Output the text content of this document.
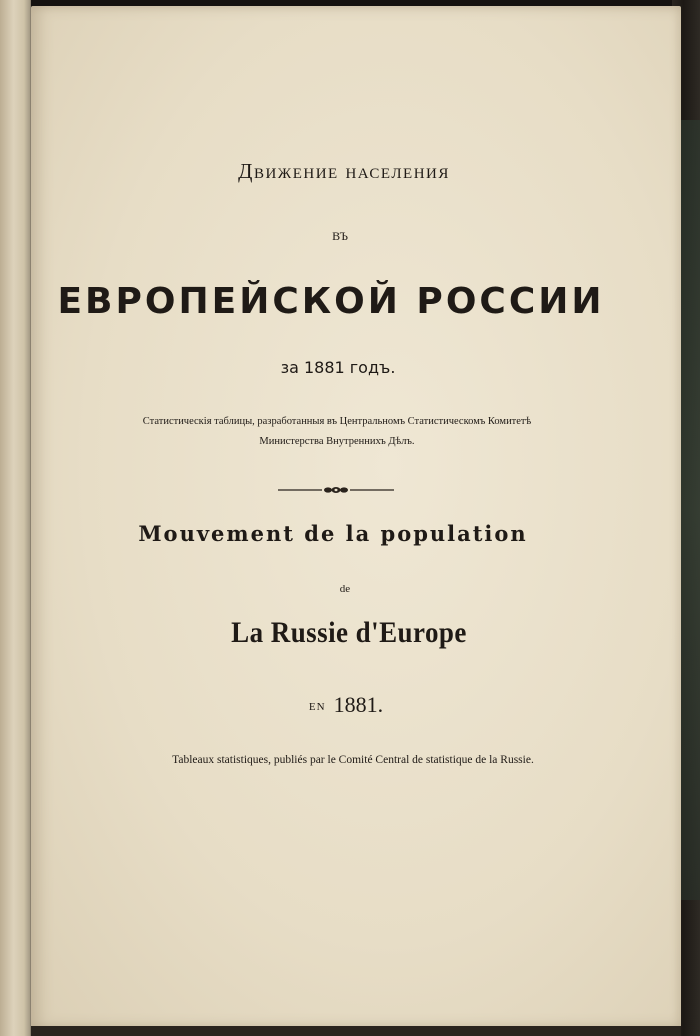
Движение населения
въ
ЕВРОПЕЙСКОЙ РОССИИ
за 1881 годъ.
Статистическія таблицы, разработанныя въ Центральномъ Статистическомъ Комитетѣ
Министерства Внутреннихъ Дѣлъ.
Mouvement de la population
de
La Russie d'Europe
EN 1881.
Tableaux statistiques, publiés par le Comité Central de statistique de la Russie.
